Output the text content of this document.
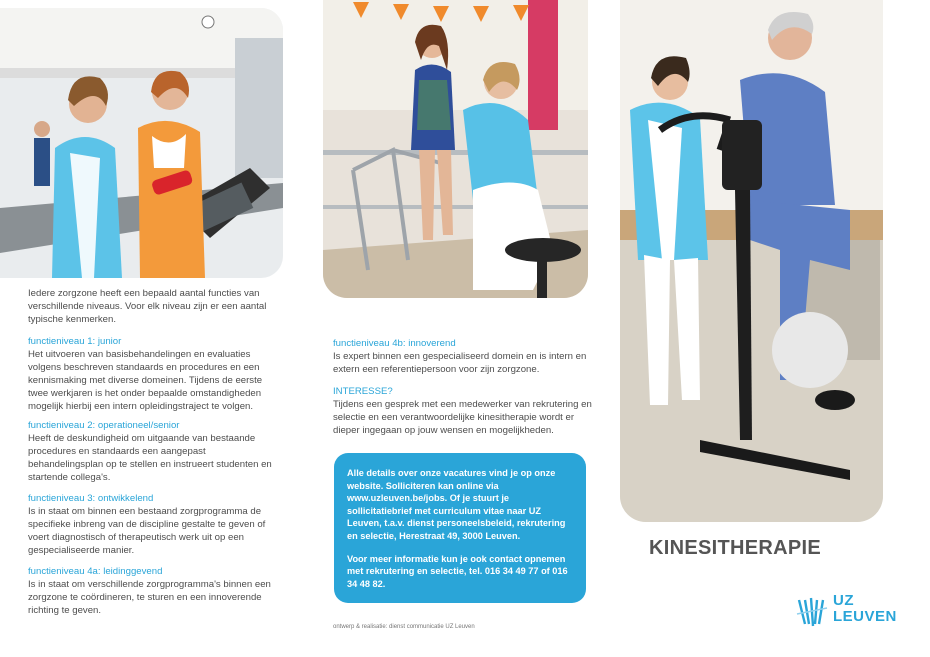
Iedere zorgzone heeft een bepaald aantal functies van verschillende niveaus. Voor elk niveau zijn er een aantal typische kenmerken.
functieniveau 1: junior
Het uitvoeren van basisbehandelingen en evaluaties volgens beschreven standaards en procedures en een kennismaking met diverse domeinen. Tijdens de eerste twee werkjaren is het onder bepaalde omstandigheden mogelijk hierbij een intern opleidingstraject te volgen.
functieniveau 2: operationeel/senior
Heeft de deskundigheid om uitgaande van bestaande procedures en standaards een aangepast behandelingsplan op te stellen en instrueert studenten en startende collega's.
functieniveau 3: ontwikkelend
Is in staat om binnen een bestaand zorgprogramma de specifieke inbreng van de discipline gestalte te geven of voert diagnostisch of therapeutisch werk uit op een gespecialiseerde manier.
functieniveau 4a: leidinggevend
Is in staat om verschillende zorgprogramma's binnen een zorgzone te coördineren, te sturen en een innoverende richting te geven.
functieniveau 4b: innoverend
Is expert binnen een gespecialiseerd domein en is intern en extern een referentiepersoon voor zijn zorgzone.
INTERESSE?
Tijdens een gesprek met een medewerker van rekrutering en selectie en een verantwoordelijke kinesitherapie wordt er dieper ingegaan op jouw wensen en mogelijkheden.

Alle details over onze vacatures vind je op onze website. Solliciteren kan online via www.uzleuven.be/jobs. Of je stuurt je sollicitatiebrief met curriculum vitae naar UZ Leuven, t.a.v. dienst personeelsbeleid, rekrutering en selectie, Herestraat 49, 3000 Leuven.

Voor meer informatie kun je ook contact opnemen met rekrutering en selectie, tel. 016 34 49 77 of 016 34 48 82.

ontwerp & realisatie: dienst communicatie UZ Leuven
KINESITHERAPIE
UZ
LEUVEN
